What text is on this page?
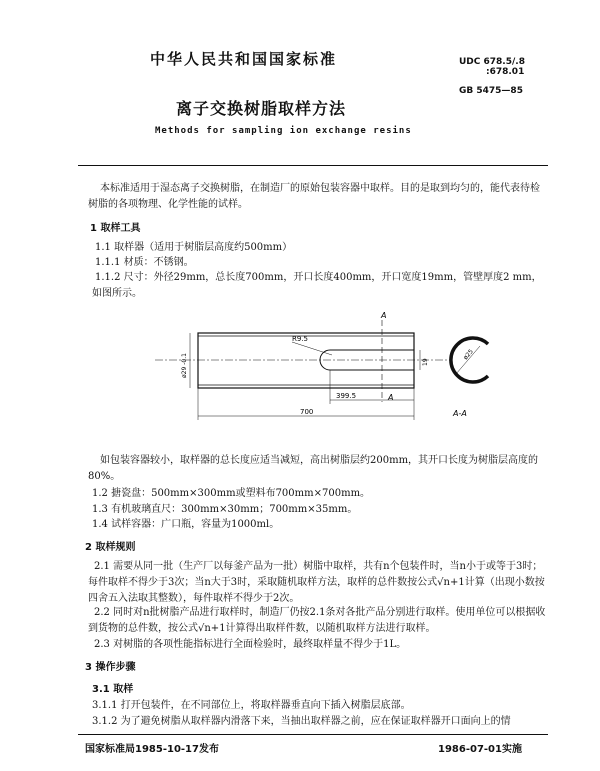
中华人民共和国国家标准	UDC 678.5/.8
:678.01
GB 5475—85
离子交换树脂取样方法
Methods for sampling ion exchange resins
本标准适用于湿态离子交换树脂，在制造厂的原始包装容器中取样。目的是取到均匀的，能代表待检树脂的各项物理、化学性能的试样。
1 取样工具
1.1 取样器（适用于树脂层高度约500mm）
1.1.1 材质：不锈钢。
1.1.2 尺寸：外径29mm，总长度700mm，开口长度400mm，开口宽度19mm，管壁厚度2 mm，如图所示。
A
A
R9.5
ø29 -0.1	19
399.5
700
ø25
A-A
如包装容器较小，取样器的总长度应适当减短，高出树脂层约200mm，其开口长度为树脂层高度的80%。
1.2 搪瓷盘：500mm×300mm或塑料布700mm×700mm。
1.3 有机玻璃直尺：300mm×30mm；700mm×35mm。
1.4 试样容器：广口瓶，容量为1000ml。
2 取样规则
2.1 需要从同一批（生产厂以每釜产品为一批）树脂中取样，共有n个包装件时，当n小于或等于3时；每件取样不得少于3次；当n大于3时，采取随机取样方法，取样的总件数按公式√n+1计算（出现小数按四舍五入法取其整数），每件取样不得少于2次。
2.2 同时对n批树脂产品进行取样时，制造厂仍按2.1条对各批产品分别进行取样。使用单位可以根据收到货物的总件数，按公式√n+1计算得出取样件数，以随机取样方法进行取样。
2.3 对树脂的各项性能指标进行全面检验时，最终取样量不得少于1L。
3 操作步骤
3.1 取样
3.1.1 打开包装件，在不同部位上，将取样器垂直向下插入树脂层底部。
3.1.2 为了避免树脂从取样器内滑落下来，当抽出取样器之前，应在保证取样器开口面向上的情
国家标准局1985-10-17发布	1986-07-01实施
